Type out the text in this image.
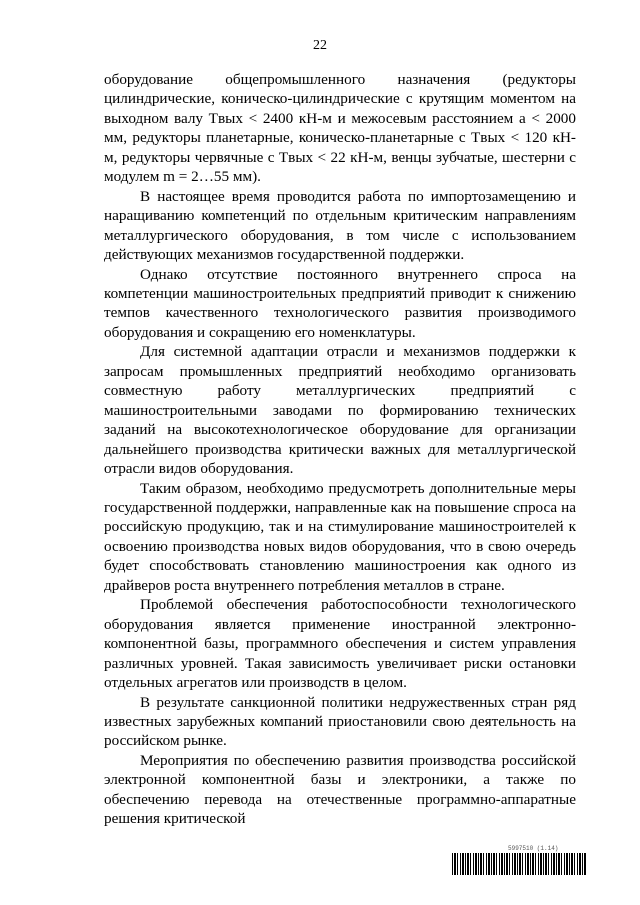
22

оборудование общепромышленного назначения (редукторы цилиндрические, коническо-цилиндрические с крутящим моментом на выходном валу Tвых < 2400 кН-м и межосевым расстоянием a < 2000 мм, редукторы планетарные, коническо-планетарные с Tвых < 120 кН-м, редукторы червячные с Tвых < 22 кН-м, венцы зубчатые, шестерни с модулем m = 2…55 мм).

В настоящее время проводится работа по импортозамещению и наращиванию компетенций по отдельным критическим направлениям металлургического оборудования, в том числе с использованием действующих механизмов государственной поддержки.

Однако отсутствие постоянного внутреннего спроса на компетенции машиностроительных предприятий приводит к снижению темпов качественного технологического развития производимого оборудования и сокращению его номенклатуры.

Для системной адаптации отрасли и механизмов поддержки к запросам промышленных предприятий необходимо организовать совместную работу металлургических предприятий с машиностроительными заводами по формированию технических заданий на высокотехнологическое оборудование для организации дальнейшего производства критически важных для металлургической отрасли видов оборудования.

Таким образом, необходимо предусмотреть дополнительные меры государственной поддержки, направленные как на повышение спроса на российскую продукцию, так и на стимулирование машиностроителей к освоению производства новых видов оборудования, что в свою очередь будет способствовать становлению машиностроения как одного из драйверов роста внутреннего потребления металлов в стране.

Проблемой обеспечения работоспособности технологического оборудования является применение иностранной электронно-компонентной базы, программного обеспечения и систем управления различных уровней. Такая зависимость увеличивает риски остановки отдельных агрегатов или производств в целом.

В результате санкционной политики недружественных стран ряд известных зарубежных компаний приостановили свою деятельность на российском рынке.

Мероприятия по обеспечению развития производства российской электронной компонентной базы и электроники, а также по обеспечению перевода на отечественные программно-аппаратные решения критической

5997510 (1.14)
